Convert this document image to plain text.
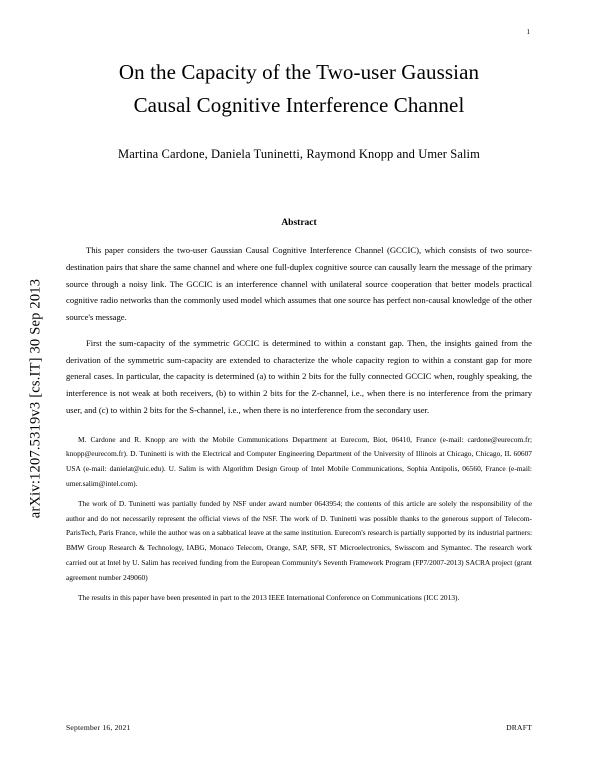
arXiv:1207.5319v3 [cs.IT] 30 Sep 2013
1
On the Capacity of the Two-user Gaussian
Causal Cognitive Interference Channel
Martina Cardone, Daniela Tuninetti, Raymond Knopp and Umer Salim
Abstract

This paper considers the two-user Gaussian Causal Cognitive Interference Channel (GCCIC), which consists of two source-destination pairs that share the same channel and where one full-duplex cognitive source can causally learn the message of the primary source through a noisy link. The GCCIC is an interference channel with unilateral source cooperation that better models practical cognitive radio networks than the commonly used model which assumes that one source has perfect non-causal knowledge of the other source's message.

First the sum-capacity of the symmetric GCCIC is determined to within a constant gap. Then, the insights gained from the derivation of the symmetric sum-capacity are extended to characterize the whole capacity region to within a constant gap for more general cases. In particular, the capacity is determined (a) to within 2 bits for the fully connected GCCIC when, roughly speaking, the interference is not weak at both receivers, (b) to within 2 bits for the Z-channel, i.e., when there is no interference from the primary user, and (c) to within 2 bits for the S-channel, i.e., when there is no interference from the secondary user.

M. Cardone and R. Knopp are with the Mobile Communications Department at Eurecom, Biot, 06410, France (e-mail: cardone@eurecom.fr; knopp@eurecom.fr). D. Tuninetti is with the Electrical and Computer Engineering Department of the University of Illinois at Chicago, Chicago, IL 60607 USA (e-mail: danielat@uic.edu). U. Salim is with Algorithm Design Group of Intel Mobile Communications, Sophia Antipolis, 06560, France (e-mail: umer.salim@intel.com).

The work of D. Tuninetti was partially funded by NSF under award number 0643954; the contents of this article are solely the responsibility of the author and do not necessarily represent the official views of the NSF. The work of D. Tuninetti was possible thanks to the generous support of Telecom-ParisTech, Paris France, while the author was on a sabbatical leave at the same institution. Eurecom's research is partially supported by its industrial partners: BMW Group Research & Technology, IABG, Monaco Telecom, Orange, SAP, SFR, ST Microelectronics, Swisscom and Symantec. The research work carried out at Intel by U. Salim has received funding from the European Community's Seventh Framework Program (FP7/2007-2013) SACRA project (grant agreement number 249060)

The results in this paper have been presented in part to the 2013 IEEE International Conference on Communications (ICC 2013).

September 16, 2021	DRAFT
